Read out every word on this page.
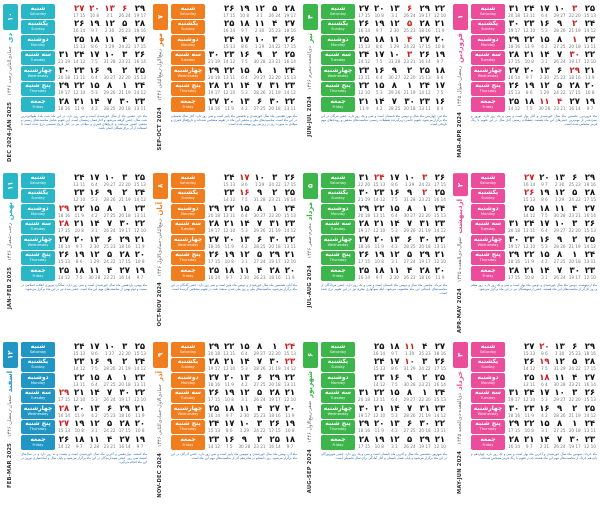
۱۰
دی
جمادی‌الثانی-رجب ۱۴۴۶
DEC 2024-JAN 2025
۲۹
19 17
۶
26 24
۱۳
3 1
۲۰
10 8
۲۷
17 15
۲۸
18 16
۵
25 23
۱۲
2 30
۱۹
9 7
۲۶
16 14
۲۷
17 15
۴
24 22
۱۱
1 29
۱۸
8 6
۲۵
15 13
۲۶
16 14
۳
23 21
۱۰
31 28
۱۷
7 5
۲۴
14 12
۳۱
21 19
۲۵
15 13
۲
22 20
۹
30 27
۱۶
6 4
۲۳
13 11
۳۰
20 18
۲۴
14 12
۱
21 19
۸
29 26
۱۵
5 3
۲۲
12 10
۲۹
19 17
۲۳
13 11
۳۰
20 18
۷
28 25
۱۴
4 2
۲۱
11 9
۲۸
18 16
شنبه
Saturday
یکشنبه
Sunday
دوشنبه
Monday
سه شنبه
Tuesday
چهارشنبه
Wednesday
پنج شنبه
Thursday
جمعه
Friday
ماه دی، دهمین ماه از سال خورشیدی است و سی روز دارد. در این ماه شب یلدا، طولانی‌ترین شب سال، جشن گرفته می‌شود و آغاز فصل زمستان است. این تقویم شامل مناسبت‌های رسمی و مذهبی کشور می‌باشد و تاریخ‌های قمری و میلادی نیز در کنار تاریخ شمسی درج شده است تا استفاده از آن برای همگان آسان باشد.
۷
مهر
ربیع‌الاول-ربیع‌الثانی ۱۴۴۶
SEP-OCT 2024
۲۸
19 17
۵
26 24
۱۲
3 1
۱۹
10 8
۲۶
17 15
۲۷
18 16
۴
25 23
۱۱
2 30
۱۸
9 7
۲۵
16 14
۲۶
17 15
۳
24 22
۱۰
1 29
۱۷
8 6
۲۴
15 13
۲۵
16 14
۲
23 21
۹
30 28
۱۶
7 5
۲۳
14 12
۳۰
21 19
۲۴
15 13
۱
22 20
۸
29 27
۱۵
6 4
۲۲
13 11
۲۹
20 18
۲۳
14 12
۳۱
21 19
۷
28 26
۱۴
5 3
۲۱
12 10
۲۸
19 17
۲۲
13 11
۳۰
20 18
۶
27 25
۱۳
4 2
۲۰
11 9
۲۷
18 16
شنبه
Saturday
یکشنبه
Sunday
دوشنبه
Monday
سه شنبه
Tuesday
چهارشنبه
Wednesday
پنج شنبه
Thursday
جمعه
Friday
ماه مهر، هفتمین ماه سال خورشیدی و نخستین ماه پاییز است و سی روز دارد. آغاز سال تحصیلی در این ماه است. مناسبت‌های ملی و مذهبی این ماه در تقویم مشخص شده‌اند و تاریخ‌های قمری و میلادی به صورت ریز در زیر هر روز نوشته شده است.
۴
تیر
ذی‌الحجه-محرم ۱۴۴۶
JUN-JUL 2024
۲۲
12 10
۲۹
19 17
۶
26 24
۱۳
3 1
۲۰
10 8
۲۷
17 15
۲۱
11 9
۲۸
18 16
۵
25 23
۱۲
2 30
۱۹
9 7
۲۶
16 14
۲۰
10 8
۲۷
17 15
۴
24 22
۱۱
1 29
۱۸
8 6
۲۵
15 13
۱۹
9 7
۲۶
16 14
۳
23 21
۱۰
31 28
۱۷
7 5
۲۴
14 12
۱۸
8 6
۲۵
15 13
۲
22 20
۹
30 27
۱۶
6 4
۲۳
13 11
۱۷
7 5
۲۴
14 12
۱
21 19
۸
29 26
۱۵
5 3
۲۲
12 10
۱۶
6 4
۲۳
13 11
۳۰
20 18
۷
28 25
۱۴
4 2
۲۱
11 9
شنبه
Saturday
یکشنبه
Sunday
دوشنبه
Monday
سه شنبه
Tuesday
چهارشنبه
Wednesday
پنج شنبه
Thursday
جمعه
Friday
ماه تیر، چهارمین ماه سال و دومین ماه تابستان است و سی و یک روز دارد. جشن تیرگان در این ماه برگزار می‌شود. تقویم حاضر دربرگیرنده تعطیلات رسمی، مناسبت‌های مذهبی و رویدادهای مهم تاریخی است.
۱
فروردین
رمضان-شوال ۱۴۴۵
MAR-APR 2024
۲۵
15 13
۳
22 20
۱۰
29 27
۱۷
6 4
۲۴
13 11
۳۱
20 18
۲۴
14 12
۲
21 19
۹
28 26
۱۶
5 3
۲۳
12 10
۳۰
19 17
۲۳
13 11
۱
20 18
۸
27 25
۱۵
4 2
۲۲
11 9
۲۹
18 16
۲۲
12 10
۳۰
19 17
۷
26 24
۱۴
3 1
۲۱
10 8
۲۸
17 15
۲۱
11 9
۲۹
18 16
۶
25 23
۱۳
2 30
۲۰
9 7
۲۷
16 14
۲۰
10 8
۲۸
17 15
۵
24 22
۱۲
1 29
۱۹
8 6
۲۶
15 13
۱۹
9 7
۲۷
16 14
۴
23 21
۱۱
30 28
۱۸
7 5
۲۵
14 12
شنبه
Saturday
یکشنبه
Sunday
دوشنبه
Monday
سه شنبه
Tuesday
چهارشنبه
Wednesday
پنج شنبه
Thursday
جمعه
Friday
ماه فروردین، نخستین ماه سال خورشیدی و آغاز بهار است و سی و یک روز دارد. نوروز و سیزده‌بدر از مهم‌ترین جشن‌های این ماه هستند. تعطیلات رسمی آغاز سال در این تقویم با رنگ قرمز مشخص شده است.
۱۱
بهمن
رجب-شعبان ۱۴۴۶
JAN-FEB 2025
۲۵
15 13
۳
22 20
۱۰
29 27
۱۷
6 4
۲۴
13 11
۲۴
14 12
۲
21 19
۹
28 26
۱۶
5 3
۲۳
12 10
۲۳
13 11
۱
20 18
۸
27 25
۱۵
4 2
۲۲
11 9
۲۹
18 16
۲۲
12 10
۳۰
19 17
۷
26 24
۱۴
3 1
۲۱
10 8
۲۸
17 15
۲۱
11 9
۲۹
18 16
۶
25 23
۱۳
2 30
۲۰
9 7
۲۷
16 14
۲۰
10 8
۲۸
17 15
۵
24 22
۱۲
1 29
۱۹
8 6
۲۶
15 13
۱۹
9 7
۲۷
16 14
۴
23 21
۱۱
30 28
۱۸
7 5
۲۵
14 12
شنبه
Saturday
یکشنبه
Sunday
دوشنبه
Monday
سه شنبه
Tuesday
چهارشنبه
Wednesday
پنج شنبه
Thursday
جمعه
Friday
ماه بهمن، یازدهمین ماه سال خورشیدی است و سی روز دارد. سالگرد پیروزی انقلاب اسلامی در بیست و دوم بهمن از مناسبت‌های مهم این ماه است. جشن سده نیز در این ماه برگزار می‌شود.
۸
آبان
ربیع‌الثانی-جمادی‌الاول ۱۴۴۶
OCT-NOV 2024
۲۶
17 15
۳
24 22
۱۰
1 29
۱۷
8 6
۲۴
15 13
۲۵
16 14
۲
23 21
۹
31 28
۱۶
7 5
۲۳
14 12
۲۴
15 13
۱
22 20
۸
30 27
۱۵
6 4
۲۲
13 11
۲۹
20 18
۲۳
14 12
۳۱
21 19
۷
29 26
۱۴
5 3
۲۱
12 10
۲۸
19 17
۲۲
13 11
۳۰
20 18
۶
28 25
۱۳
4 2
۲۰
11 9
۲۷
18 16
۲۱
12 10
۲۹
19 17
۵
27 24
۱۲
3 1
۱۹
10 8
۲۶
17 15
۲۰
11 9
۲۸
18 16
۴
26 23
۱۱
2 30
۱۸
9 7
۲۵
16 14
شنبه
Saturday
یکشنبه
Sunday
دوشنبه
Monday
سه شنبه
Tuesday
چهارشنبه
Wednesday
پنج شنبه
Thursday
جمعه
Friday
ماه آبان، هشتمین ماه سال خورشیدی و دومین ماه پاییز است و سی روز دارد. جشن آبانگان در این ماه برگزار می‌شود. مناسبت‌های ملی و روز ملی شدن صنعت نفت در تقویم مشخص گردیده است.
۵
مرداد
محرم-صفر ۱۴۴۶
JUL-AUG 2024
۲۶
17 15
۳
24 22
۱۰
1 29
۱۷
8 6
۲۴
15 13
۳۱
22 20
۲۵
16 14
۲
23 21
۹
31 28
۱۶
7 5
۲۳
14 12
۳۰
21 19
۲۴
15 13
۱
22 20
۸
30 27
۱۵
6 4
۲۲
13 11
۲۹
20 18
۲۳
14 12
۳۱
21 19
۷
29 26
۱۴
5 3
۲۱
12 10
۲۸
19 17
۲۲
13 11
۳۰
20 18
۶
28 25
۱۳
4 2
۲۰
11 9
۲۷
18 16
۲۱
12 10
۲۹
19 17
۵
27 24
۱۲
3 1
۱۹
10 8
۲۶
17 15
۲۰
11 9
۲۸
18 16
۴
26 23
۱۱
2 30
۱۸
9 7
۲۵
16 14
شنبه
Saturday
یکشنبه
Sunday
دوشنبه
Monday
سه شنبه
Tuesday
چهارشنبه
Wednesday
پنج شنبه
Thursday
جمعه
Friday
ماه مرداد، پنجمین ماه سال و دومین ماه تابستان است و سی و یک روز دارد. جشن مردادگان از مناسبت‌های باستانی این ماه محسوب می‌شود. ایام سوگواری محرم نیز در این تقویم درج شده است.
۲
اردیبهشت
شوال-ذی‌القعده ۱۴۴۵
APR-MAY 2024
۲۹
18 16
۶
25 23
۱۳
2 30
۲۰
9 7
۲۷
16 14
۲۸
17 15
۵
24 22
۱۲
1 29
۱۹
8 6
۲۶
15 13
۲۷
16 14
۴
23 21
۱۱
30 28
۱۸
7 5
۲۵
14 12
۲۶
15 13
۳
22 20
۱۰
29 27
۱۷
6 4
۲۴
13 11
۳۱
20 18
۲۵
14 12
۲
21 19
۹
28 26
۱۶
5 3
۲۳
12 10
۳۰
19 17
۲۴
13 11
۱
20 18
۸
27 25
۱۵
4 2
۲۲
11 9
۲۹
18 16
۲۳
12 10
۳۰
19 17
۷
26 24
۱۴
3 1
۲۱
10 8
۲۸
17 15
شنبه
Saturday
یکشنبه
Sunday
دوشنبه
Monday
سه شنبه
Tuesday
چهارشنبه
Wednesday
پنج شنبه
Thursday
جمعه
Friday
ماه اردیبهشت، دومین ماه سال خورشیدی و دومین ماه بهار است و سی و یک روز دارد. روز معلم و روز کارگر از مناسبت‌های این ماه هستند. جشن اردیبهشتگان نیز در این ماه برگزار می‌شود.
۱۲
اسفند
شعبان-رمضان ۱۴۴۶
FEB-MAR 2025
۲۵
15 13
۳
22 20
۱۰
1 27
۱۷
8 6
۲۴
15 13
۲۴
14 12
۲
21 19
۹
28 26
۱۶
7 5
۲۳
14 12
۲۳
13 11
۱
20 18
۸
27 25
۱۵
6 4
۲۲
13 11
۲۲
12 10
۳۰
19 17
۷
26 24
۱۴
5 3
۲۱
12 10
۲۹
17 15
۲۱
11 9
۲۹
18 16
۶
25 23
۱۳
4 2
۲۰
11 9
۲۸
16 14
۲۰
10 8
۲۸
17 15
۵
24 22
۱۲
3 1
۱۹
10 8
۲۷
15 13
۱۹
9 7
۲۷
16 14
۴
23 21
۱۱
2 28
۱۸
9 7
۲۶
14 12
شنبه
Saturday
یکشنبه
Sunday
دوشنبه
Monday
سه شنبه
Tuesday
چهارشنبه
Wednesday
پنج شنبه
Thursday
جمعه
Friday
ماه اسفند، دوازدهمین و آخرین ماه سال خورشیدی است و بیست و نه روز دارد و در سال‌های کبیسه سی روز. جشن سپندارمذگان در این ماه برگزار می‌شود و پایان سال و آماده‌سازی نوروز در این ماه انجام می‌گیرد.
۹
آذر
جمادی‌الاول-جمادی‌الثانی ۱۴۴۶
NOV-DEC 2024
۲۴
15 13
۱
22 20
۸
29 27
۱۵
6 4
۲۲
13 11
۲۹
20 18
۲۳
14 12
۳۰
21 19
۷
28 26
۱۴
5 3
۲۱
12 10
۲۸
19 17
۲۲
13 11
۲۹
20 18
۶
27 25
۱۳
4 2
۲۰
11 9
۲۷
18 16
۲۱
12 10
۲۸
19 17
۵
26 24
۱۲
3 1
۱۹
10 8
۲۶
17 15
۲۰
11 9
۲۷
18 16
۴
25 23
۱۱
2 30
۱۸
9 7
۲۵
16 14
۱۹
10 8
۲۶
17 15
۳
24 22
۱۰
1 29
۱۷
8 6
۲۴
15 13
۱۸
9 7
۲۵
16 14
۲
23 21
۹
30 28
۱۶
7 5
۲۳
14 12
شنبه
Saturday
یکشنبه
Sunday
دوشنبه
Monday
سه شنبه
Tuesday
چهارشنبه
Wednesday
پنج شنبه
Thursday
جمعه
Friday
ماه آذر، نهمین ماه سال خورشیدی و سومین ماه پاییز است و سی روز دارد. جشن آذرگان در این ماه برگزار می‌شود. روز دانشجو در شانزدهم آذر از مناسبت‌های مهم این ماه است.
۶
شهریور
صفر-ربیع‌الاول ۱۴۴۶
AUG-SEP 2024
۲۷
18 16
۴
25 23
۱۱
1 30
۱۸
9 7
۲۵
16 14
۲۶
17 15
۳
24 22
۱۰
31 29
۱۷
8 6
۲۴
15 13
۲۵
16 14
۲
23 21
۹
30 28
۱۶
7 5
۲۳
14 12
۲۴
15 13
۱
22 20
۸
29 27
۱۵
6 4
۲۲
13 11
۳۱
20 18
۲۳
14 12
۳۱
21 19
۷
28 26
۱۴
5 3
۲۱
12 10
۳۰
19 17
۲۲
13 11
۳۰
20 18
۶
27 25
۱۳
4 2
۲۰
11 9
۲۹
18 16
۲۱
12 10
۲۹
19 17
۵
26 24
۱۲
3 1
۱۹
10 8
۲۸
17 15
شنبه
Saturday
یکشنبه
Sunday
دوشنبه
Monday
سه شنبه
Tuesday
چهارشنبه
Wednesday
پنج شنبه
Thursday
جمعه
Friday
ماه شهریور، ششمین ماه سال و آخرین ماه تابستان است و سی و یک روز دارد. جشن شهریورگان در این ماه برگزار می‌شود و پایان فصل تابستان و آغاز آمادگی برای سال تحصیلی است.
۳
خرداد
ذی‌القعده-ذی‌الحجه ۱۴۴۵
MAY-JUN 2024
۲۹
18 16
۶
25 23
۱۳
1 30
۲۰
8 6
۲۷
15 13
۲۸
17 15
۵
24 22
۱۲
31 29
۱۹
7 5
۲۶
14 12
۲۷
16 14
۴
23 21
۱۱
30 28
۱۸
6 4
۲۵
13 11
۲۶
15 13
۳
22 20
۱۰
29 27
۱۷
5 3
۲۴
12 10
۳۱
19 17
۲۵
14 12
۲
21 19
۹
28 26
۱۶
4 2
۲۳
11 9
۳۰
18 16
۲۴
13 11
۱
20 18
۸
27 25
۱۵
3 1
۲۲
10 8
۲۹
17 15
۲۳
12 10
۳۰
19 17
۷
26 24
۱۴
2 31
۲۱
9 7
۲۸
16 14
شنبه
Saturday
یکشنبه
Sunday
دوشنبه
Monday
سه شنبه
Tuesday
چهارشنبه
Wednesday
پنج شنبه
Thursday
جمعه
Friday
ماه خرداد، سومین ماه سال خورشیدی و آخرین ماه بهار است و سی و یک روز دارد. چهاردهم و پانزدهم خرداد از مناسبت‌های مهم این ماه هستند که در تقویم با رنگ قرمز مشخص شده‌اند.
